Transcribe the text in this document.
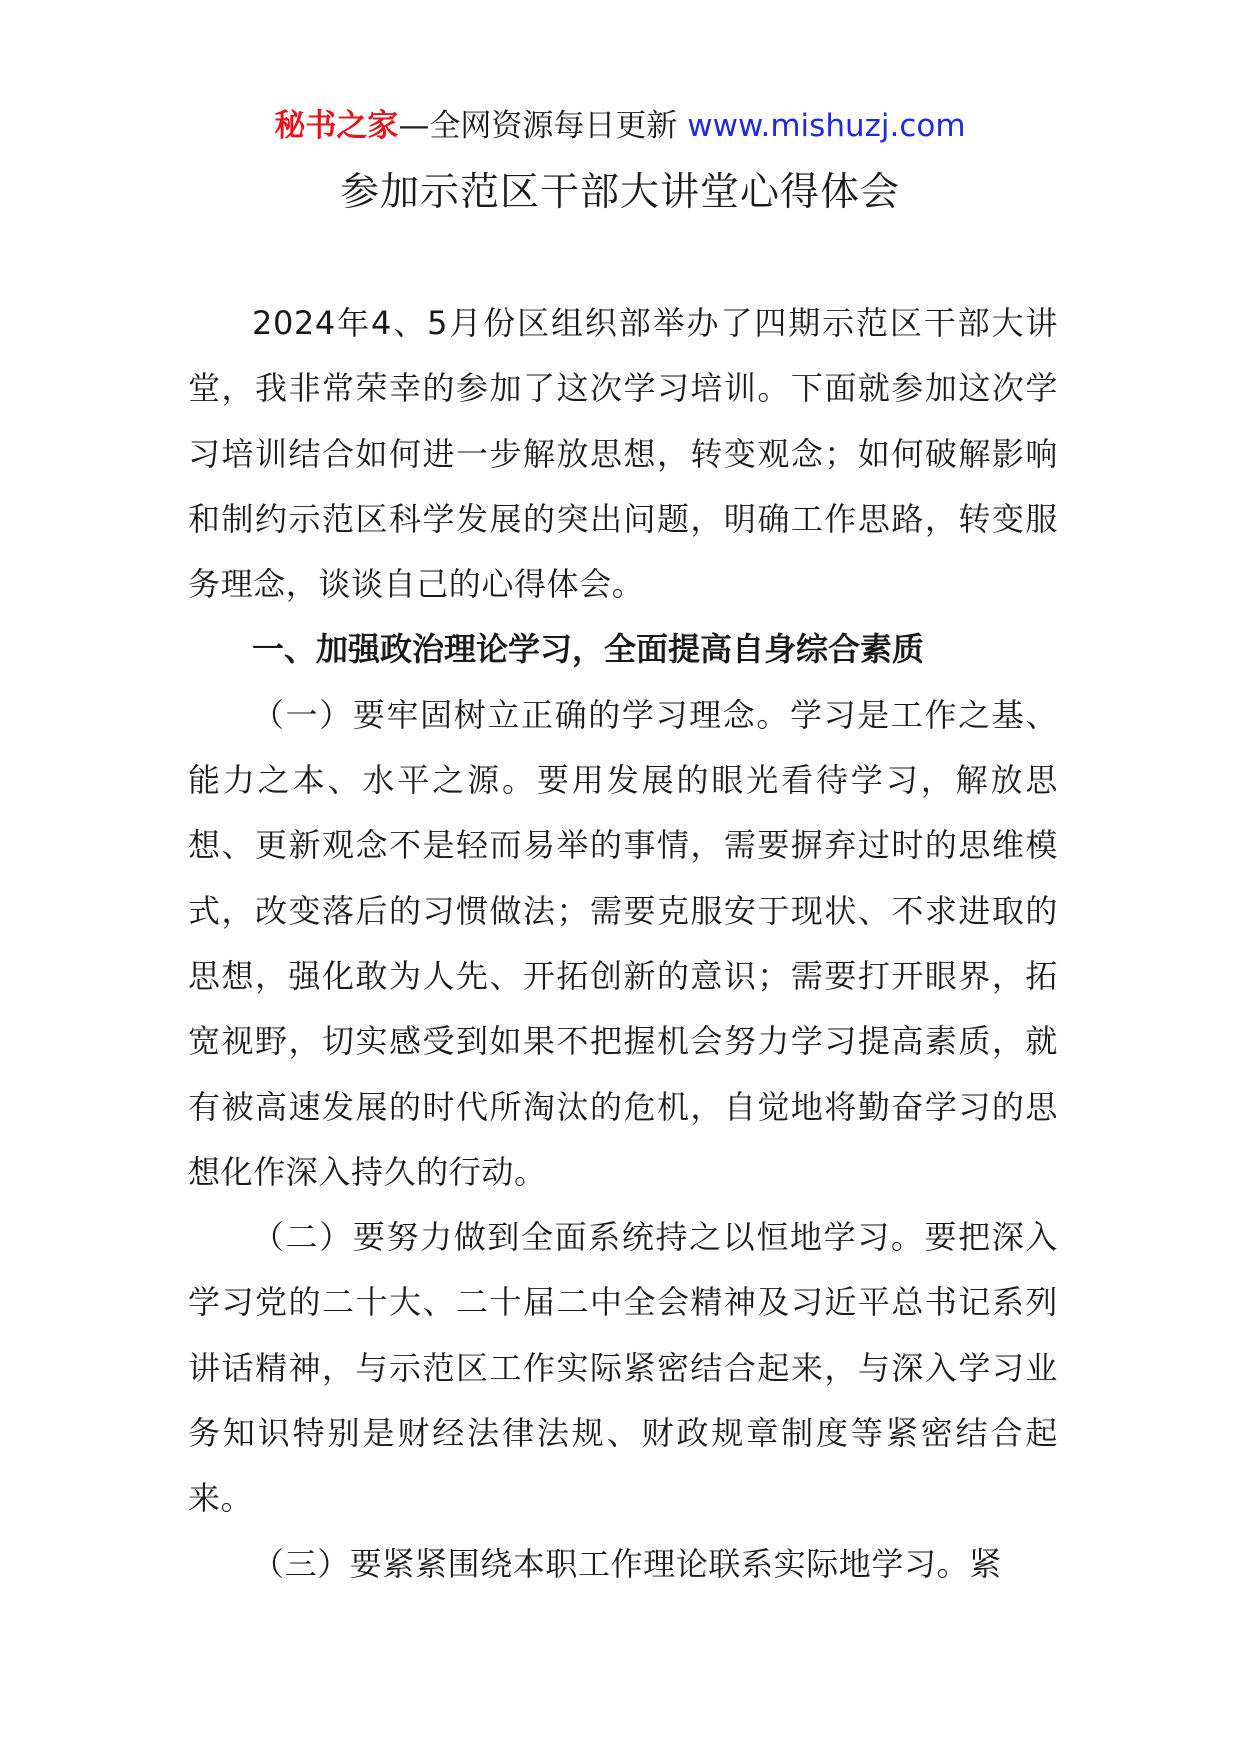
秘书之家—全网资源每日更新 www.mishuzj.com
参加示范区干部大讲堂心得体会

2024年4、5月份区组织部举办了四期示范区干部大讲堂，我非常荣幸的参加了这次学习培训。下面就参加这次学习培训结合如何进一步解放思想，转变观念；如何破解影响和制约示范区科学发展的突出问题，明确工作思路，转变服务理念，谈谈自己的心得体会。

一、加强政治理论学习，全面提高自身综合素质

（一）要牢固树立正确的学习理念。学习是工作之基、能力之本、水平之源。要用发展的眼光看待学习，解放思想、更新观念不是轻而易举的事情，需要摒弃过时的思维模式，改变落后的习惯做法；需要克服安于现状、不求进取的思想，强化敢为人先、开拓创新的意识；需要打开眼界，拓宽视野，切实感受到如果不把握机会努力学习提高素质，就有被高速发展的时代所淘汰的危机，自觉地将勤奋学习的思想化作深入持久的行动。

（二）要努力做到全面系统持之以恒地学习。要把深入学习党的二十大、二十届二中全会精神及习近平总书记系列讲话精神，与示范区工作实际紧密结合起来，与深入学习业务知识特别是财经法律法规、财政规章制度等紧密结合起来。

（三）要紧紧围绕本职工作理论联系实际地学习。紧
